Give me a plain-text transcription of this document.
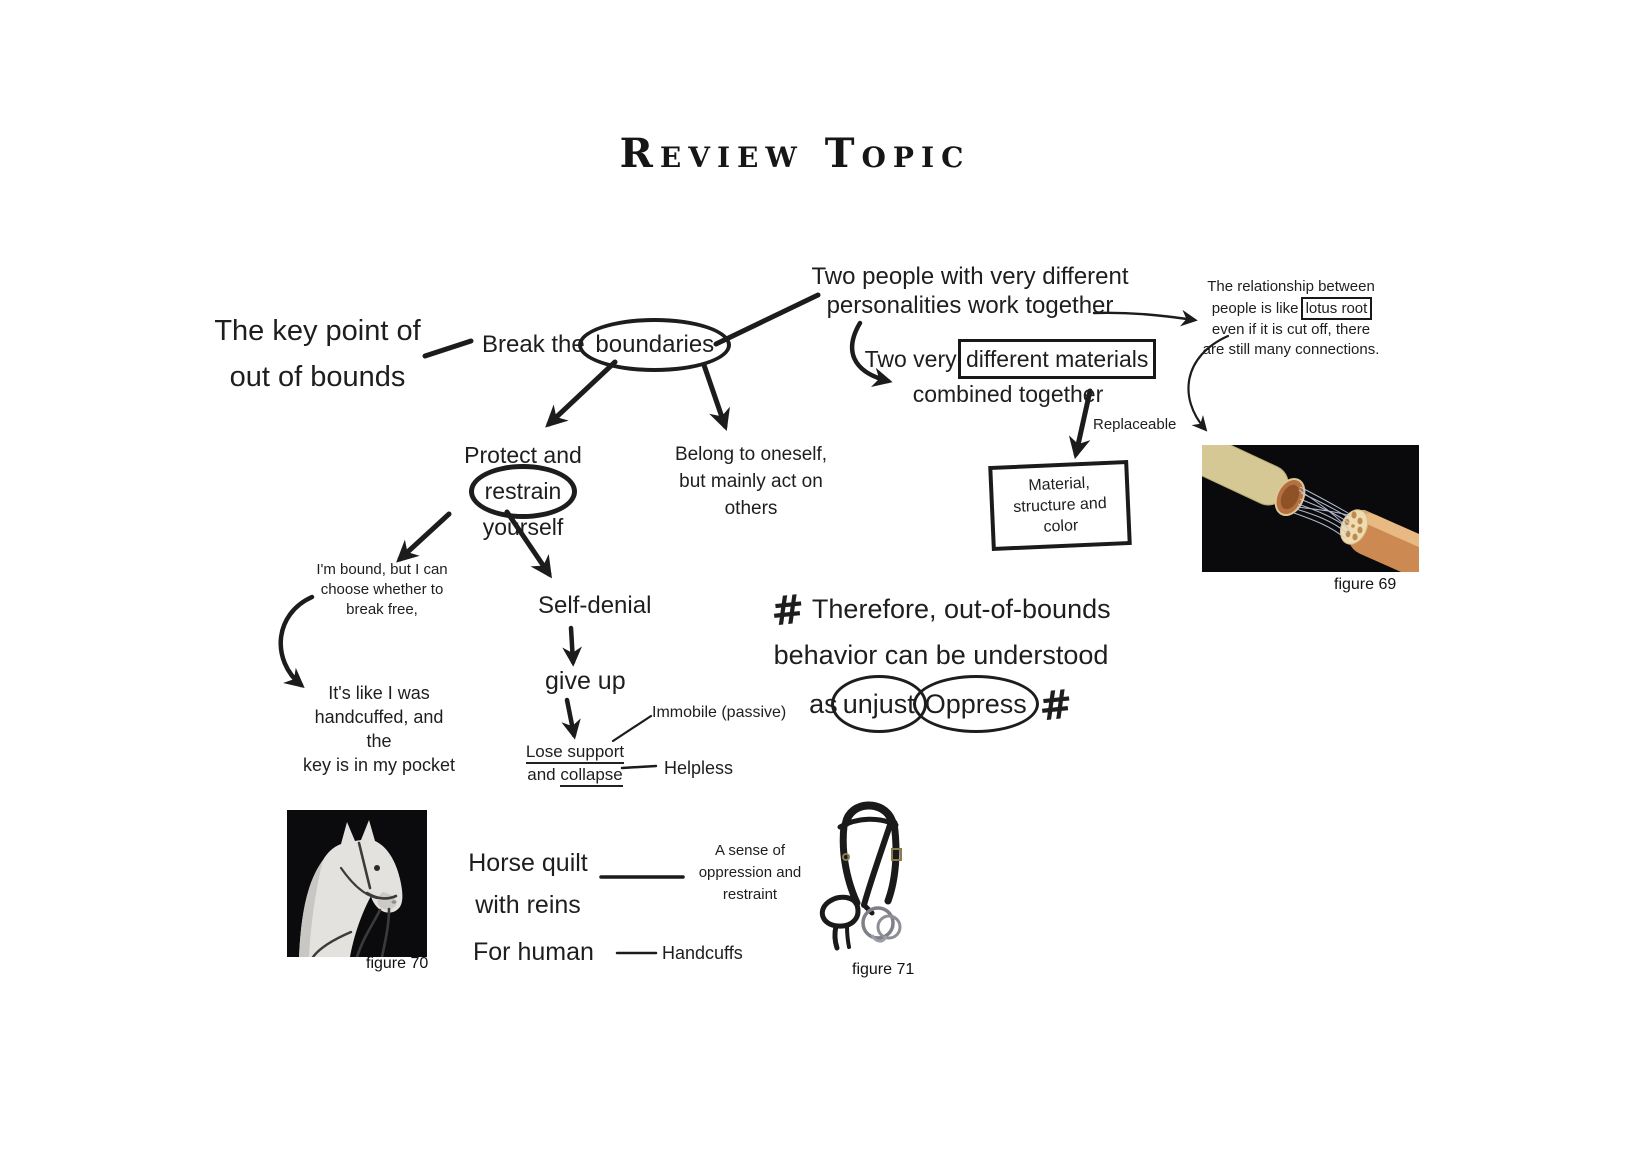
Review Topic
The key point of
out of bounds
Break the boundaries
Two people with very different
personalities work together
The relationship between people is like lotus root even if it is cut off, there are still many connections.
Two very different materials
combined together
Replaceable
Material, structure and color
Protect and
restrain yourself
Belong to oneself,
but mainly act on
others
I'm bound, but I can
choose whether to
break free,
It's like I was
handcuffed, and the
key is in my pocket
Self-denial
give up
Lose support
and collapse
Immobile (passive)
Helpless
# Therefore, out-of-bounds
behavior can be understood
as unjust Oppress #
Horse quilt
with reins
A sense of
oppression and
restraint
For human	Handcuffs
figure 69
figure 70	figure 71
